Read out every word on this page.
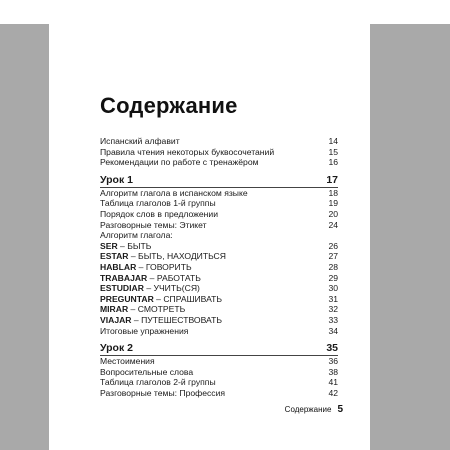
Содержание
Испанский алфавит	14
Правила чтения некоторых буквосочетаний	15
Рекомендации по работе с тренажёром	16
Урок 1	17
Алгоритм глагола в испанском языке	18
Таблица глаголов 1-й группы	19
Порядок слов в предложении	20
Разговорные темы: Этикет	24
Алгоритм глагола:
SER – БЫТЬ	26
ESTAR – БЫТЬ, НАХОДИТЬСЯ	27
HABLAR – ГОВОРИТЬ	28
TRABAJAR – РАБОТАТЬ	29
ESTUDIAR – УЧИТЬ(СЯ)	30
PREGUNTAR – СПРАШИВАТЬ	31
MIRAR – СМОТРЕТЬ	32
VIAJAR – ПУТЕШЕСТВОВАТЬ	33
Итоговые упражнения	34
Урок 2	35
Местоимения	36
Вопросительные слова	38
Таблица глаголов 2-й группы	41
Разговорные темы: Профессия	42
Содержание 5
